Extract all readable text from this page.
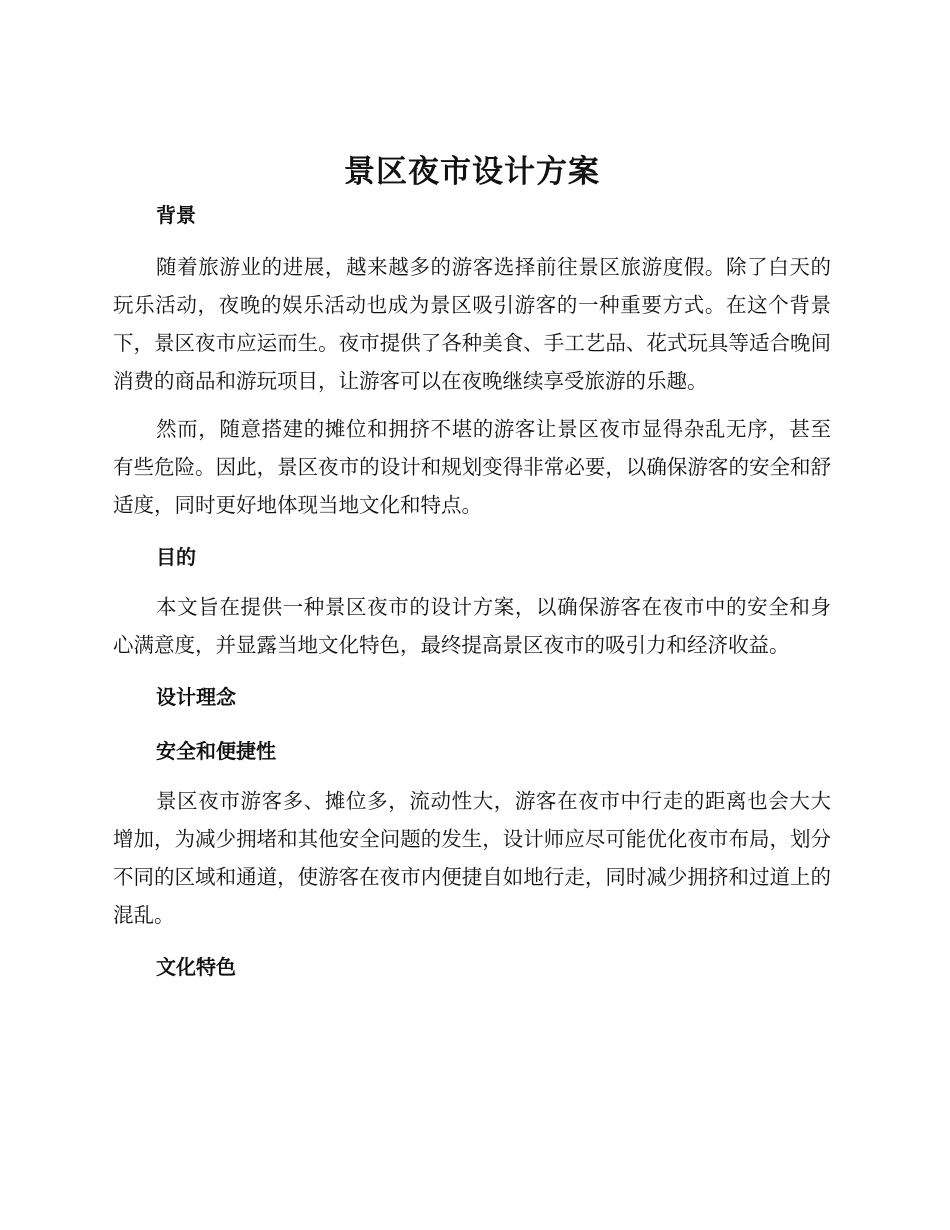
景区夜市设计方案
背景

随着旅游业的进展，越来越多的游客选择前往景区旅游度假。除了白天的玩乐活动，夜晚的娱乐活动也成为景区吸引游客的一种重要方式。在这个背景下，景区夜市应运而生。夜市提供了各种美食、手工艺品、花式玩具等适合晚间消费的商品和游玩项目，让游客可以在夜晚继续享受旅游的乐趣。

然而，随意搭建的摊位和拥挤不堪的游客让景区夜市显得杂乱无序，甚至有些危险。因此，景区夜市的设计和规划变得非常必要，以确保游客的安全和舒适度，同时更好地体现当地文化和特点。

目的

本文旨在提供一种景区夜市的设计方案，以确保游客在夜市中的安全和身心满意度，并显露当地文化特色，最终提高景区夜市的吸引力和经济收益。

设计理念
安全和便捷性

景区夜市游客多、摊位多，流动性大，游客在夜市中行走的距离也会大大增加，为减少拥堵和其他安全问题的发生，设计师应尽可能优化夜市布局，划分不同的区域和通道，使游客在夜市内便捷自如地行走，同时减少拥挤和过道上的混乱。

文化特色
